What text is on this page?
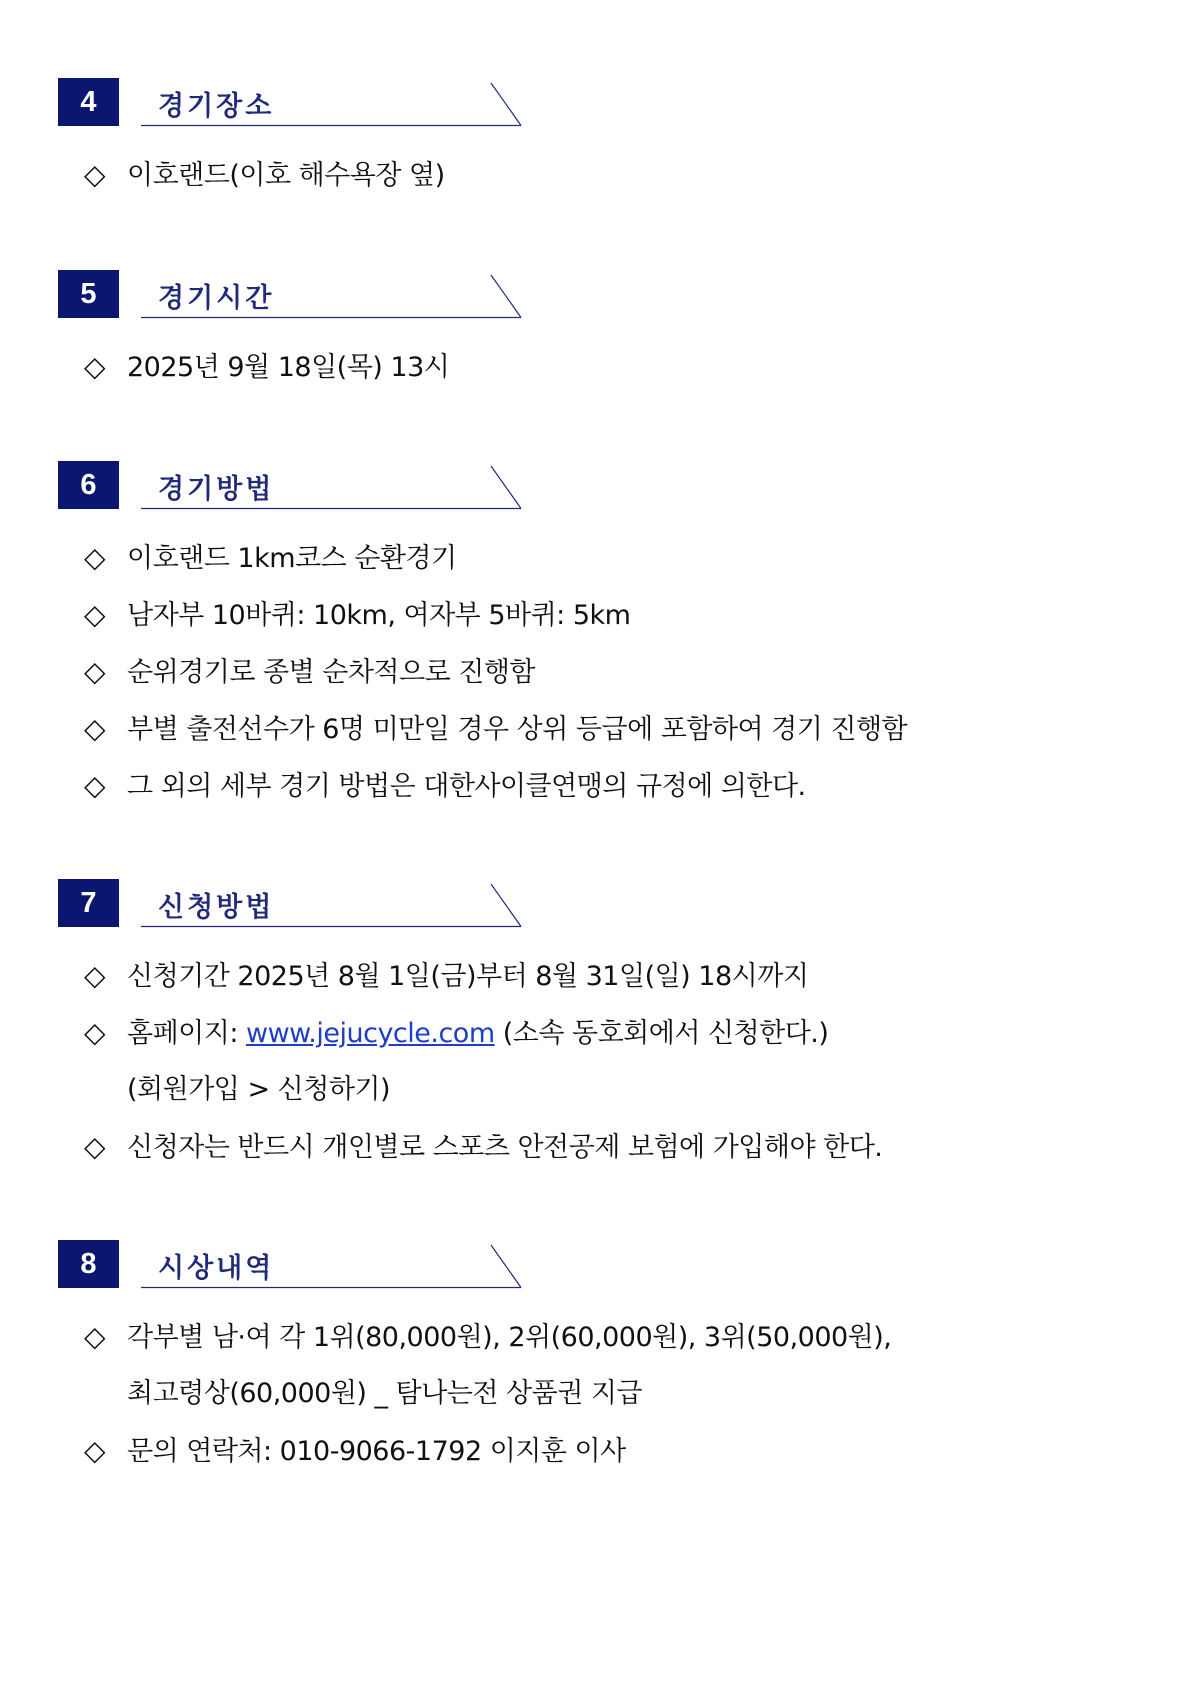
4	경기장소
◇ 이호랜드(이호 해수욕장 옆)
5	경기시간
◇ 2025년 9월 18일(목) 13시
6	경기방법
◇ 이호랜드 1km코스 순환경기
◇ 남자부 10바퀴: 10km, 여자부 5바퀴: 5km
◇ 순위경기로 종별 순차적으로 진행함
◇ 부별 출전선수가 6명 미만일 경우 상위 등급에 포함하여 경기 진행함
◇ 그 외의 세부 경기 방법은 대한사이클연맹의 규정에 의한다.
7	신청방법
◇ 신청기간 2025년 8월 1일(금)부터 8월 31일(일) 18시까지
◇ 홈페이지: www.jejucycle.com (소속 동호회에서 신청한다.)
(회원가입 > 신청하기)
◇ 신청자는 반드시 개인별로 스포츠 안전공제 보험에 가입해야 한다.
8	시상내역
◇ 각부별 남·여 각 1위(80,000원), 2위(60,000원), 3위(50,000원),
최고령상(60,000원) _ 탐나는전 상품권 지급
◇ 문의 연락처: 010-9066-1792 이지훈 이사
